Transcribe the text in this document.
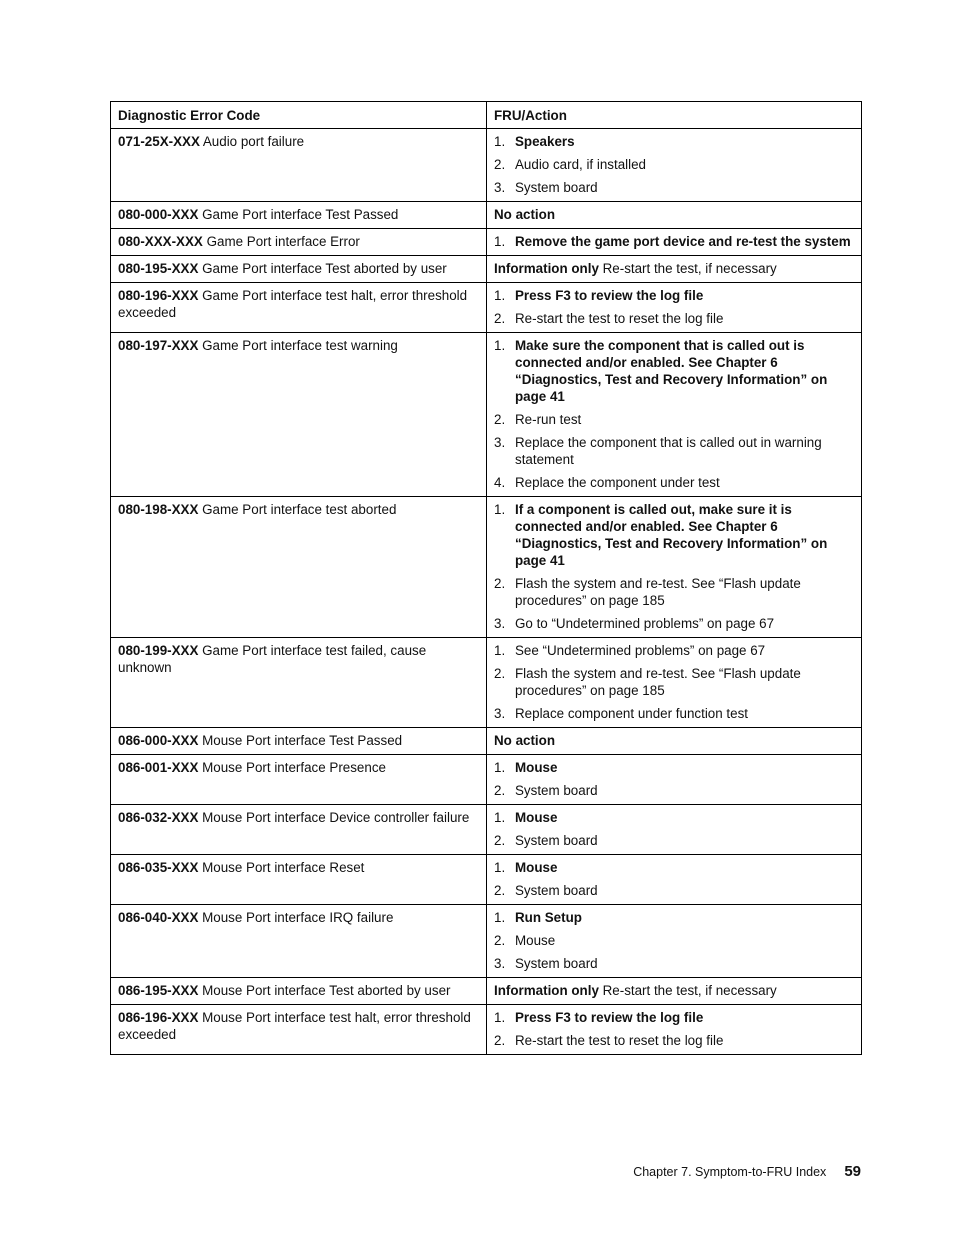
Diagnostic Error Code	FRU/Action
071-25X-XXX Audio port failure	1. Speakers
2. Audio card, if installed
3. System board
080-000-XXX Game Port interface Test Passed	No action
080-XXX-XXX Game Port interface Error	1. Remove the game port device and re-test the system
080-195-XXX Game Port interface Test aborted by user	Information only Re-start the test, if necessary
080-196-XXX Game Port interface test halt, error threshold exceeded
1. Press F3 to review the log file
2. Re-start the test to reset the log file
080-197-XXX Game Port interface test warning	1. Make sure the component that is called out is connected and/or enabled. See Chapter 6 “Diagnostics, Test and Recovery Information” on page 41
2. Re-run test
3. Replace the component that is called out in warning statement
4. Replace the component under test
080-198-XXX Game Port interface test aborted	1. If a component is called out, make sure it is connected and/or enabled. See Chapter 6 “Diagnostics, Test and Recovery Information” on page 41
2. Flash the system and re-test. See “Flash update procedures” on page 185
3. Go to “Undetermined problems” on page 67
080-199-XXX Game Port interface test failed, cause unknown
1. See “Undetermined problems” on page 67
2. Flash the system and re-test. See “Flash update procedures” on page 185
3. Replace component under function test
086-000-XXX Mouse Port interface Test Passed	No action
086-001-XXX Mouse Port interface Presence	1. Mouse
2. System board
086-032-XXX Mouse Port interface Device controller failure	1. Mouse
2. System board
086-035-XXX Mouse Port interface Reset	1. Mouse
2. System board
086-040-XXX Mouse Port interface IRQ failure	1. Run Setup
2. Mouse
3. System board
086-195-XXX Mouse Port interface Test aborted by user	Information only Re-start the test, if necessary
086-196-XXX Mouse Port interface test halt, error threshold exceeded
1. Press F3 to review the log file
2. Re-start the test to reset the log file
Chapter 7. Symptom-to-FRU Index 59
